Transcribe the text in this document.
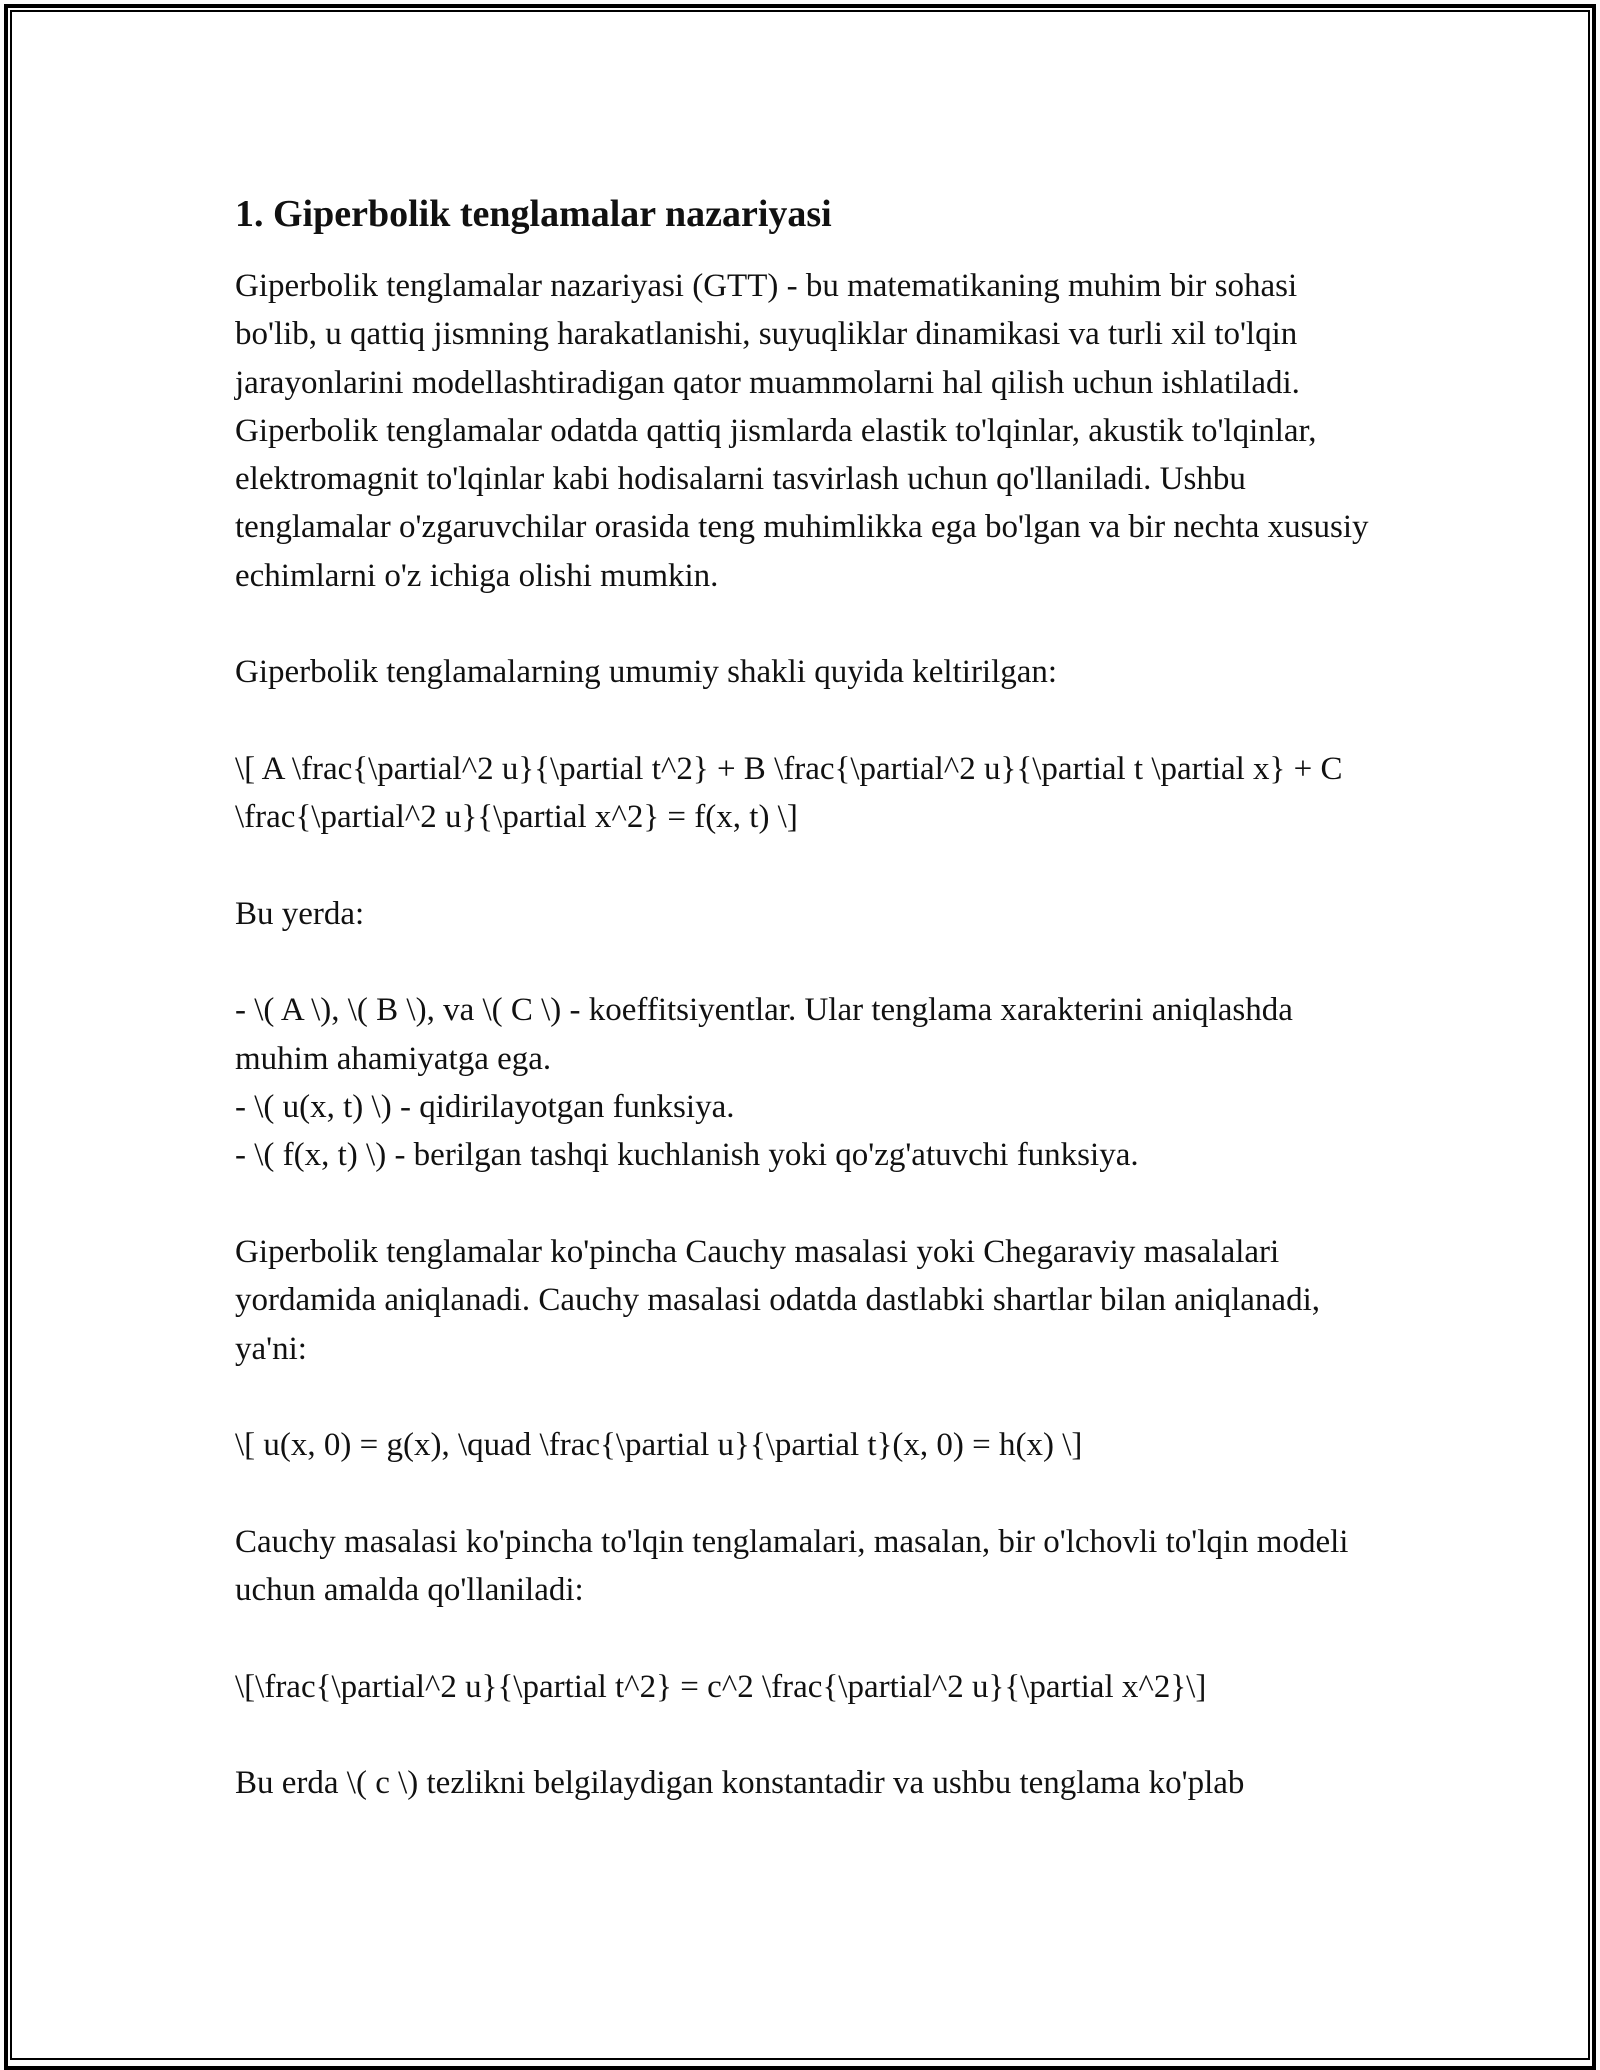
1. Giperbolik tenglamalar nazariyasi

Giperbolik tenglamalar nazariyasi (GTT) - bu matematikaning muhim bir sohasi bo'lib, u qattiq jismning harakatlanishi, suyuqliklar dinamikasi va turli xil to'lqin jarayonlarini modellashtiradigan qator muammolarni hal qilish uchun ishlatiladi. Giperbolik tenglamalar odatda qattiq jismlarda elastik to'lqinlar, akustik to'lqinlar, elektromagnit to'lqinlar kabi hodisalarni tasvirlash uchun qo'llaniladi. Ushbu tenglamalar o'zgaruvchilar orasida teng muhimlikka ega bo'lgan va bir nechta xususiy echimlarni o'z ichiga olishi mumkin.

Giperbolik tenglamalarning umumiy shakli quyida keltirilgan:

\[ A \frac{\partial^2 u}{\partial t^2} + B \frac{\partial^2 u}{\partial t \partial x} + C \frac{\partial^2 u}{\partial x^2} = f(x, t) \]

Bu yerda:

- \( A \), \( B \), va \( C \) - koeffitsiyentlar. Ular tenglama xarakterini aniqlashda muhim ahamiyatga ega.
- \( u(x, t) \) - qidirilayotgan funksiya.
- \( f(x, t) \) - berilgan tashqi kuchlanish yoki qo'zg'atuvchi funksiya.

Giperbolik tenglamalar ko'pincha Cauchy masalasi yoki Chegaraviy masalalari yordamida aniqlanadi. Cauchy masalasi odatda dastlabki shartlar bilan aniqlanadi, ya'ni:

\[ u(x, 0) = g(x), \quad \frac{\partial u}{\partial t}(x, 0) = h(x) \]

Cauchy masalasi ko'pincha to'lqin tenglamalari, masalan, bir o'lchovli to'lqin modeli uchun amalda qo'llaniladi:

\[\frac{\partial^2 u}{\partial t^2} = c^2 \frac{\partial^2 u}{\partial x^2}\]

Bu erda \( c \) tezlikni belgilaydigan konstantadir va ushbu tenglama ko'plab
